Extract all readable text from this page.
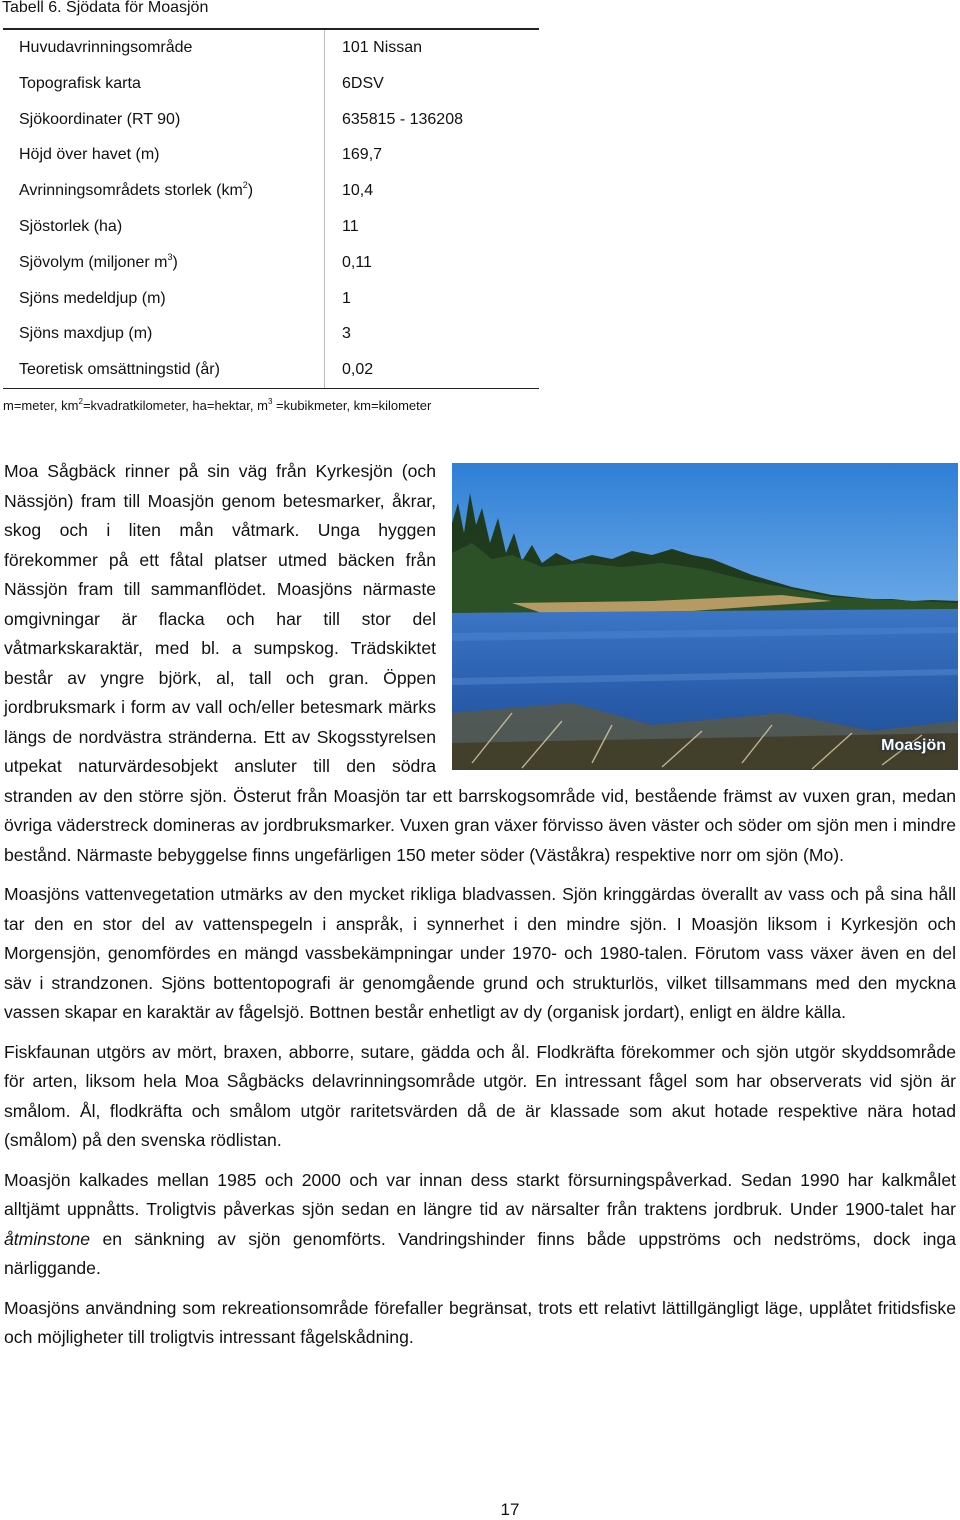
Tabell 6. Sjödata för Moasjön
Huvudavrinningsområde	101 Nissan
Topografisk karta	6DSV
Sjökoordinater (RT 90)	635815 - 136208
Höjd över havet (m)	169,7
Avrinningsområdets storlek $(km^2)$	10,4
Sjöstorlek (ha)	11
Sjövolym (miljoner $m^3$)	0,11
Sjöns medeldjup (m)	1
Sjöns maxdjup (m)	3
Teoretisk omsättningstid (år)	0,02
m=meter, $km^2=kvadratkilometer$, ha=hektar, $m^3$ =kubikmeter, km=kilometer

Moasjön
Moa Sågbäck rinner på sin väg från Kyrkesjön (och Nässjön) fram till Moasjön genom betesmarker, åkrar, skog och i liten mån våtmark. Unga hyggen förekommer på ett fåtal platser utmed bäcken från Nässjön fram till sammanflödet. Moasjöns närmaste omgivningar är flacka och har till stor del våtmarkskaraktär, med bl. a sumpskog. Trädskiktet består av yngre björk, al, tall och gran. Öppen jordbruksmark i form av vall och/eller betesmark märks längs de nordvästra stränderna. Ett av Skogsstyrelsen utpekat naturvärdesobjekt ansluter till den södra stranden av den större sjön. Österut från Moasjön tar ett barrskogsområde vid, bestående främst av vuxen gran, medan övriga väderstreck domineras av jordbruksmarker. Vuxen gran växer förvisso även väster och söder om sjön men i mindre bestånd. Närmaste bebyggelse finns ungefärligen 150 meter söder (Väståkra) respektive norr om sjön (Mo).

Moasjöns vattenvegetation utmärks av den mycket rikliga bladvassen. Sjön kringgärdas överallt av vass och på sina håll tar den en stor del av vattenspegeln i anspråk, i synnerhet i den mindre sjön. I Moasjön liksom i Kyrkesjön och Morgensjön, genomfördes en mängd vassbekämpningar under 1970- och 1980-talen. Förutom vass växer även en del säv i strandzonen. Sjöns bottentopografi är genomgående grund och strukturlös, vilket tillsammans med den myckna vassen skapar en karaktär av fågelsjö. Bottnen består enhetligt av dy (organisk jordart), enligt en äldre källa.

Fiskfaunan utgörs av mört, braxen, abborre, sutare, gädda och ål. Flodkräfta förekommer och sjön utgör skyddsområde för arten, liksom hela Moa Sågbäcks delavrinningsområde utgör. En intressant fågel som har observerats vid sjön är smålom. Ål, flodkräfta och smålom utgör raritetsvärden då de är klassade som akut hotade respektive nära hotad (smålom) på den svenska rödlistan.

Moasjön kalkades mellan 1985 och 2000 och var innan dess starkt försurningspåverkad. Sedan 1990 har kalkmålet alltjämt uppnåtts. Troligtvis påverkas sjön sedan en längre tid av närsalter från traktens jordbruk. Under 1900-talet har åtminstone en sänkning av sjön genomförts. Vandringshinder finns både uppströms och nedströms, dock inga närliggande.

Moasjöns användning som rekreationsområde förefaller begränsat, trots ett relativt lättillgängligt läge, upplåtet fritidsfiske och möjligheter till troligtvis intressant fågelskådning.

17
